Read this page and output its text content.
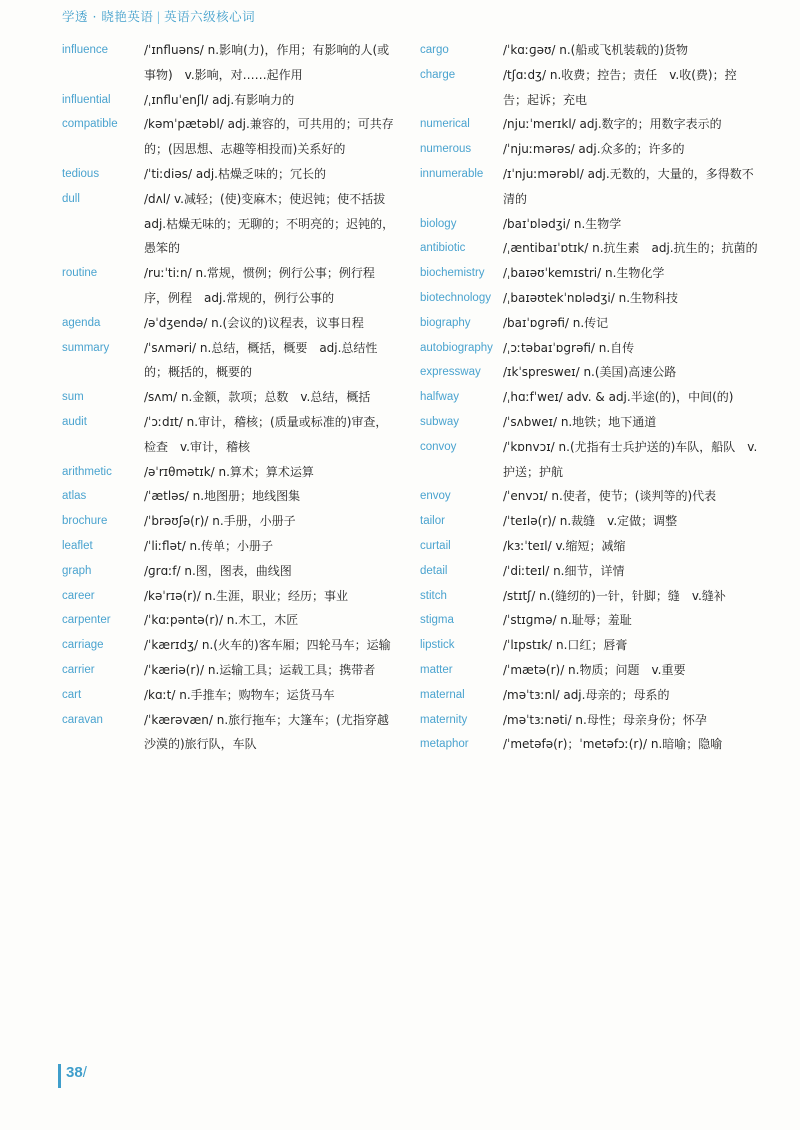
学透 · 晓艳英语 | 英语六级核心词
influence	/ˈɪnfluəns/ n.影响(力)，作用；有影响的人(或事物)　v.影响，对……起作用
influential	/ˌɪnfluˈenʃl/ adj.有影响力的
compatible	/kəmˈpætəbl/ adj.兼容的，可共用的；可共存的；(因思想、志趣等相投而)关系好的
tedious	/ˈtiːdiəs/ adj.枯燥乏味的；冗长的
dull	/dʌl/ v.减轻；(使)变麻木；使迟钝；使不括拔　adj.枯燥无味的；无聊的；不明亮的；迟钝的，愚笨的
routine	/ruːˈtiːn/ n.常规，惯例；例行公事；例行程序，例程　adj.常规的，例行公事的
agenda	/əˈdʒendə/ n.(会议的)议程表，议事日程
summary	/ˈsʌməri/ n.总结，概括，概要　adj.总结性的；概括的，概要的
sum	/sʌm/ n.金额，款项；总数　v.总结，概括
audit	/ˈɔːdɪt/ n.审计，稽核；(质量或标准的)审查，检查　v.审计，稽核
arithmetic	/əˈrɪθmətɪk/ n.算术；算术运算
atlas	/ˈætləs/ n.地图册；地线图集
brochure	/ˈbrəʊʃə(r)/ n.手册，小册子
leaflet	/ˈliːflət/ n.传单；小册子
graph	/ɡrɑːf/ n.图，图表，曲线图
career	/kəˈrɪə(r)/ n.生涯，职业；经历；事业
carpenter	/ˈkɑːpəntə(r)/ n.木工，木匠
carriage	/ˈkærɪdʒ/ n.(火车的)客车厢；四轮马车；运输
carrier	/ˈkæriə(r)/ n.运输工具；运载工具；携带者
cart	/kɑːt/ n.手推车；购物车；运货马车
caravan	/ˈkærəvæn/ n.旅行拖车；大篷车；(尤指穿越沙漠的)旅行队，车队
cargo	/ˈkɑːɡəʊ/ n.(船或飞机装载的)货物
charge	/tʃɑːdʒ/ n.收费；控告；责任　v.收(费)；控告；起诉；充电
numerical	/njuːˈmerɪkl/ adj.数字的；用数字表示的
numerous	/ˈnjuːmərəs/ adj.众多的；许多的
innumerable	/ɪˈnjuːmərəbl/ adj.无数的，大量的，多得数不清的
biology	/baɪˈɒlədʒi/ n.生物学
antibiotic	/ˌæntibaɪˈɒtɪk/ n.抗生素　adj.抗生的；抗菌的
biochemistry	/ˌbaɪəʊˈkemɪstri/ n.生物化学
biotechnology	/ˌbaɪəʊtekˈnɒlədʒi/ n.生物科技
biography	/baɪˈɒɡrəfi/ n.传记
autobiography /ˌɔːtəbaɪˈɒɡrəfi/ n.自传
expressway	/ɪkˈspresweɪ/ n.(美国)高速公路
halfway	/ˌhɑːfˈweɪ/ adv. & adj.半途(的)，中间(的)
subway	/ˈsʌbweɪ/ n.地铁；地下通道
convoy	/ˈkɒnvɔɪ/ n.(尤指有士兵护送的)车队，船队　v.护送；护航
envoy	/ˈenvɔɪ/ n.使者，使节；(谈判等的)代表
tailor	/ˈteɪlə(r)/ n.裁缝　v.定做；调整
curtail	/kɜːˈteɪl/ v.缩短；减缩
detail	/ˈdiːteɪl/ n.细节，详情
stitch	/stɪtʃ/ n.(缝纫的)一针，针脚；缝　v.缝补
stigma	/ˈstɪɡmə/ n.耻辱；羞耻
lipstick	/ˈlɪpstɪk/ n.口红；唇膏
matter	/ˈmætə(r)/ n.物质；问题　v.重要
maternal	/məˈtɜːnl/ adj.母亲的；母系的
maternity	/məˈtɜːnəti/ n.母性；母亲身份；怀孕
metaphor	/ˈmetəfə(r)；ˈmetəfɔː(r)/ n.暗喻；隐喻
38/
